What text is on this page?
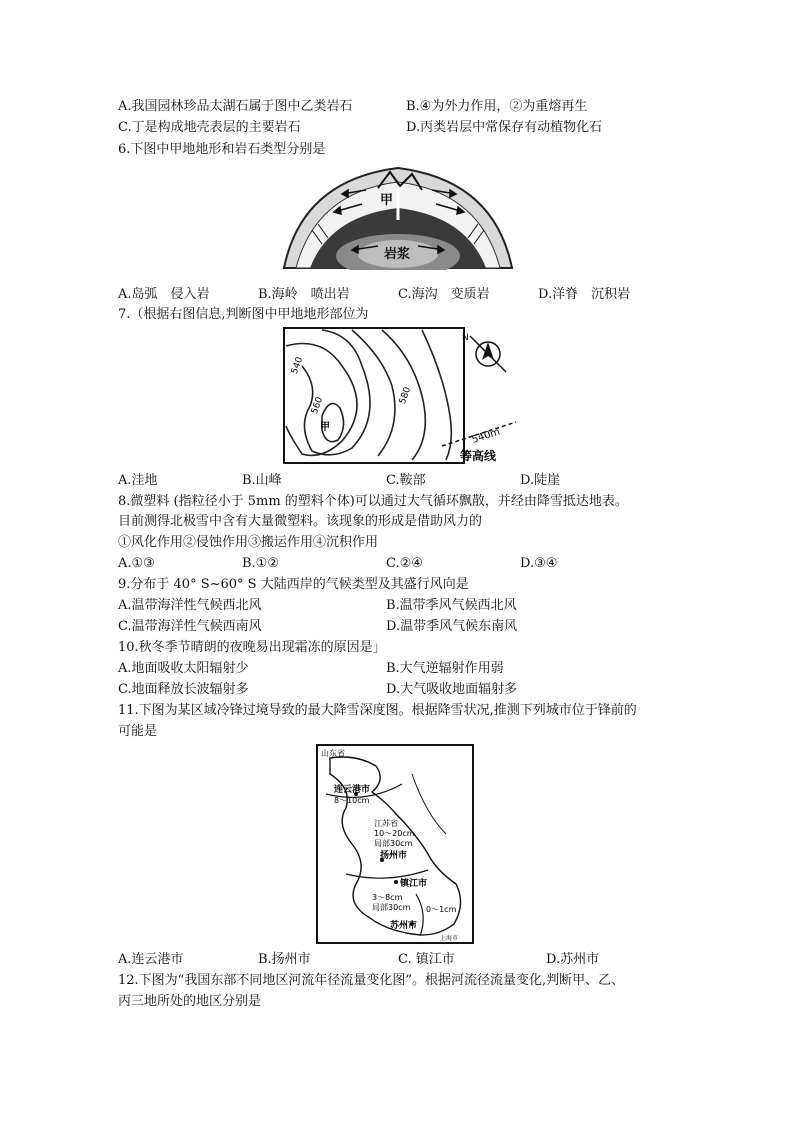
A.我国园林珍品太湖石属于图中乙类岩石	B.④为外力作用，②为重熔再生
C.丁是构成地壳表层的主要岩石	D.丙类岩层中常保存有动植物化石
6.下图中甲地地形和岩石类型分别是
甲
岩浆
A.岛弧　侵入岩	B.海岭　喷出岩	C.海沟　变质岩	D.洋脊　沉积岩
7.（根据右图信息,判断图中甲地地形部位为
540
560
580
甲
N
540m
等高线
A.洼地	B.山峰	C.鞍部	D.陡崖
8.微塑料 (指粒径小于 5mm 的塑料个体)可以通过大气循环飘散，并经由降雪抵达地表。
目前测得北极雪中含有大量微塑料。该现象的形成是借助风力的
①风化作用②侵蚀作用③搬运作用④沉积作用
A.①③	B.①②	C.②④	D.③④
9.分布于 40° S~60° S 大陆西岸的气候类型及其盛行风向是
A.温带海洋性气候西北风	B.温带季风气候西北风
C.温带海洋性气候西南风	D.温带季风气候东南风
10.秋冬季节晴朗的夜晚易出现霜冻的原因是」
A.地面吸收太阳辐射少	B.大气逆辐射作用弱
C.地面释放长波辐射多	D.大气吸收地面辐射多
11.下图为某区域冷锋过境导致的最大降雪深度图。根据降雪状况,推测下列城市位于锋前的
可能是
山东省
连云港市
8～10cm
江苏省
10～20cm
局部30cm
扬州市
镇江市
3～8cm
局部30cm 0～1cm
苏州市
上海市
A.连云港市	B.扬州市	C. 镇江市	D.苏州市
12.下图为“我国东部不同地区河流年径流量变化图”。根据河流径流量变化,判断甲、乙、
丙三地所处的地区分别是
